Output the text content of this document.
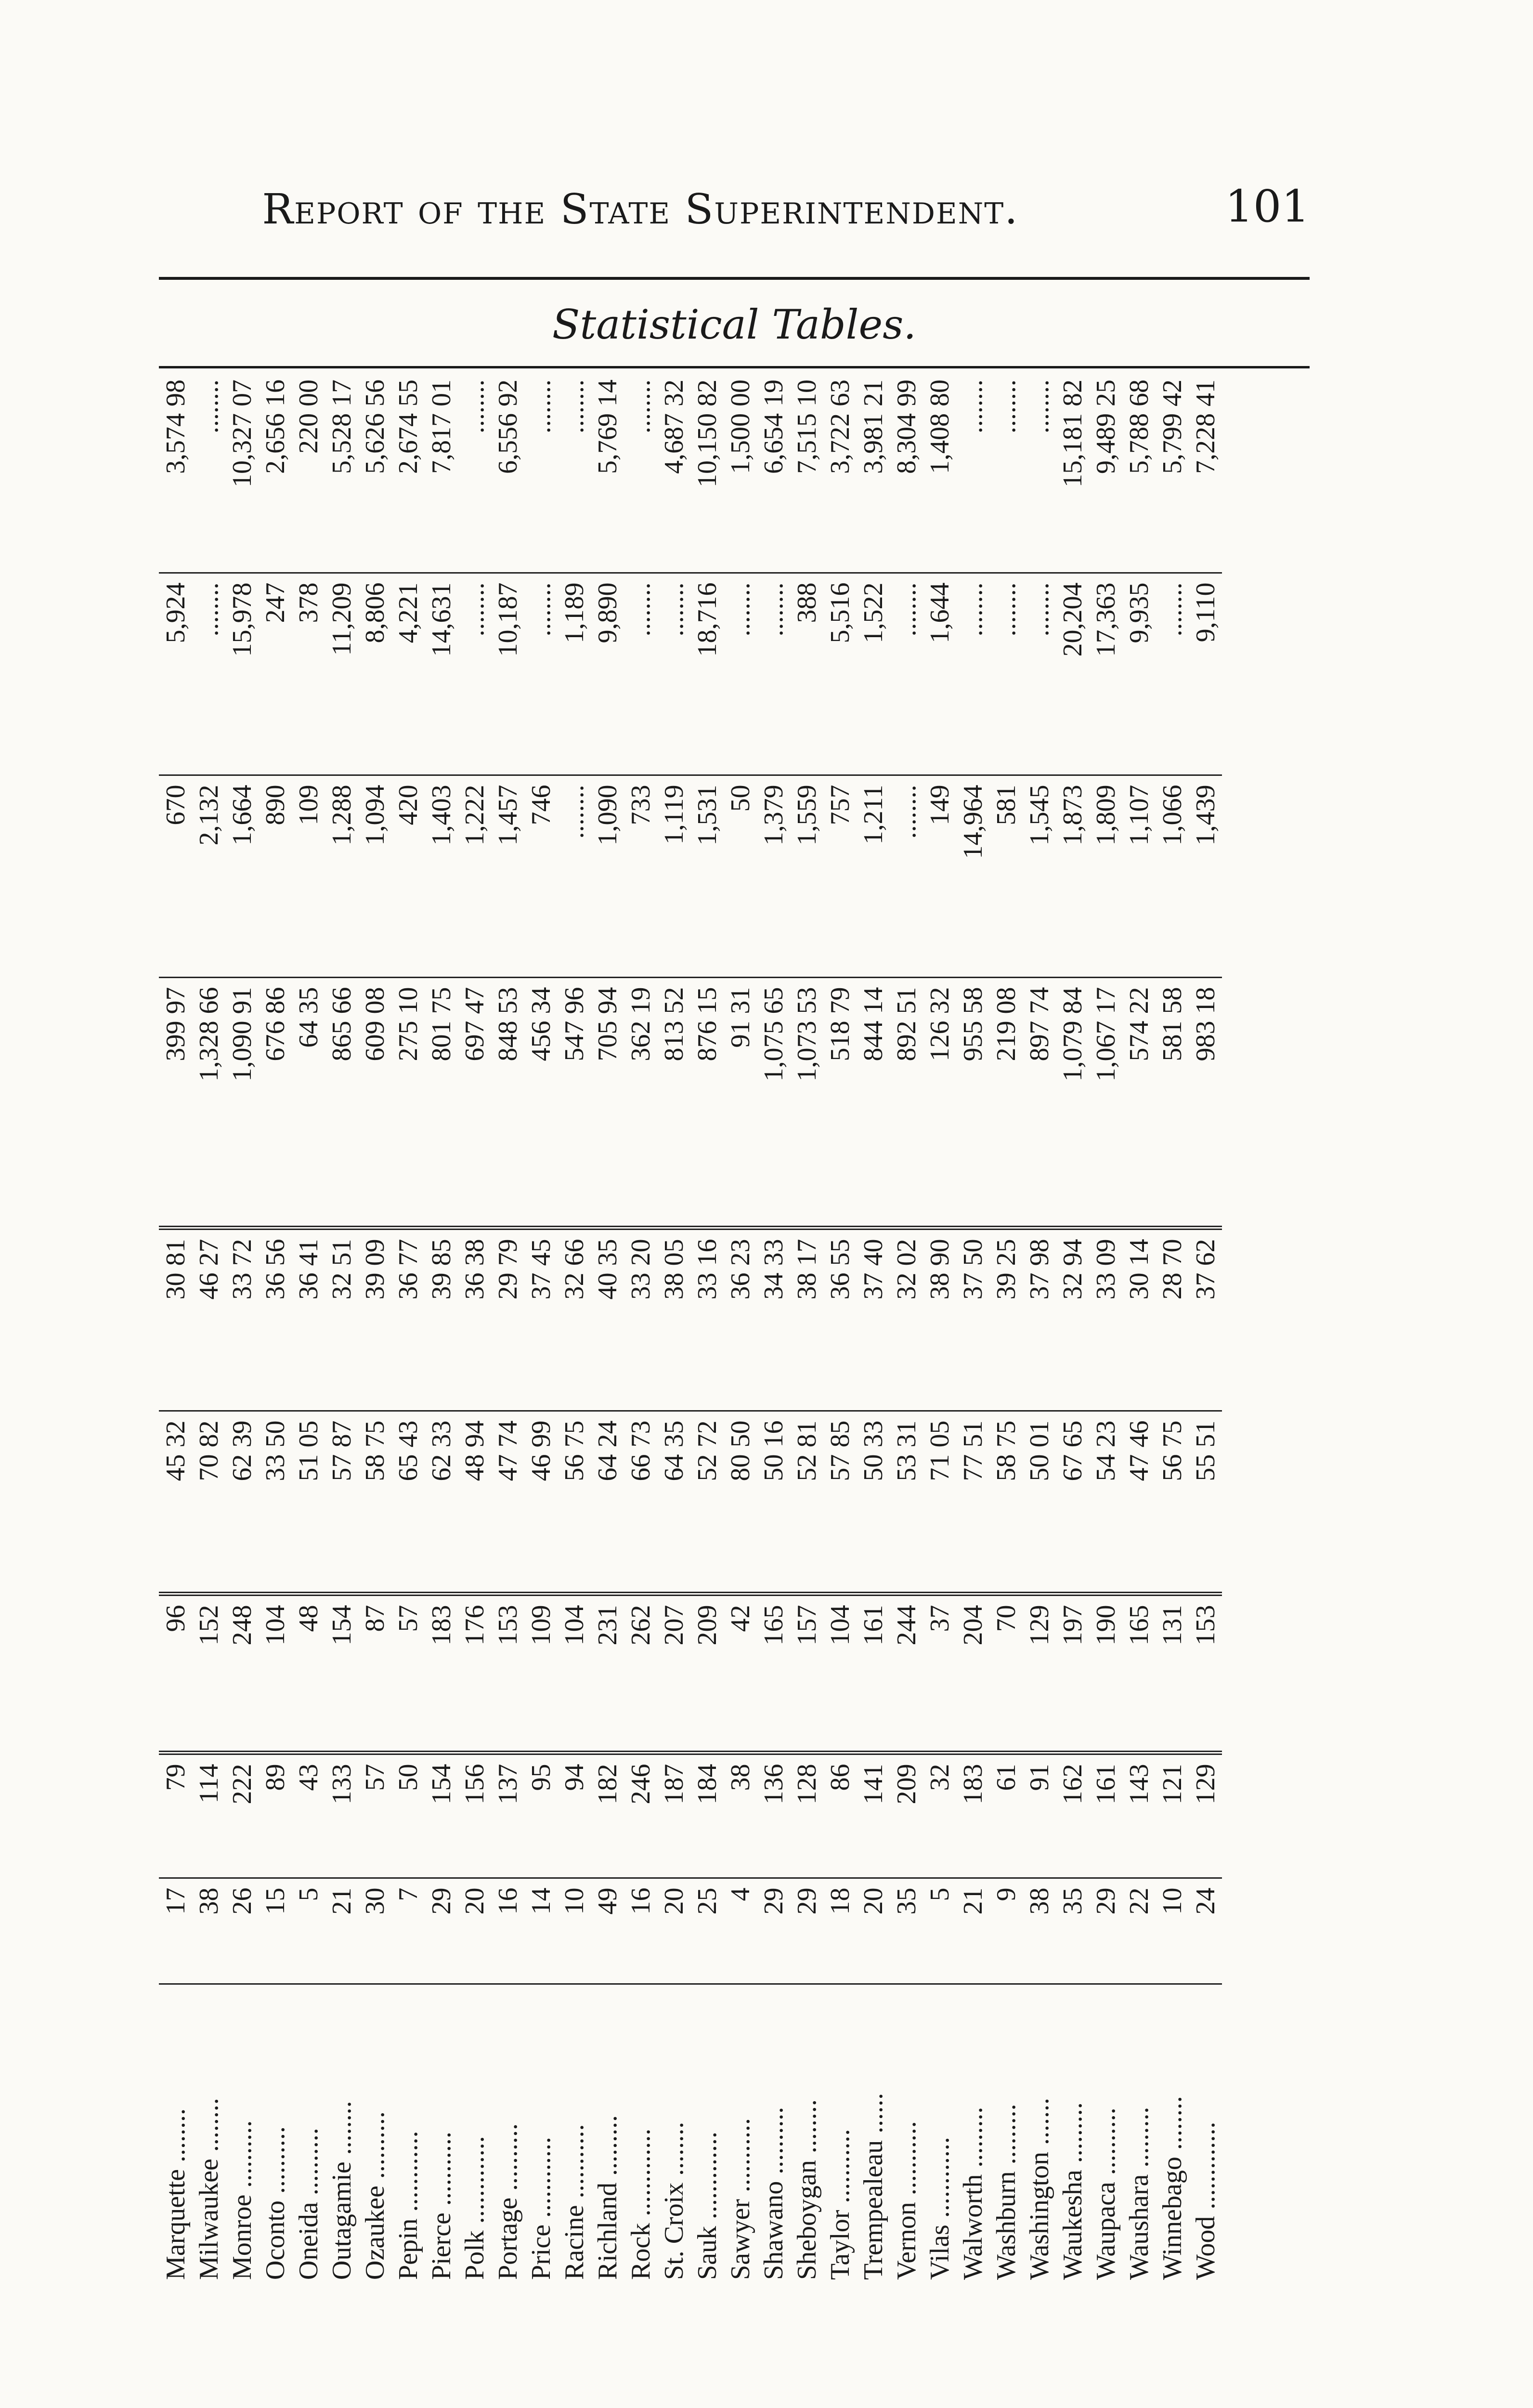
Report of the State Superintendent.	101
Statistical Tables.
Marquette ........	17	79	96	45 32	30 81	399 97	670	5,924	3,574 98
Milwaukee ........	38	114	152	70 82	46 27	1,328 66	2,132	........	........
Monroe ..........	26	222	248	62 39	33 72	1,090 91	1,664	15,978	10,327 07
Oconto ..........	15	89	104	33 50	36 56	676 86	890	247	2,656 16
Oneida ..........	5	43	48	51 05	36 41	64 35	109	378	220 00
Outagamie ........	21	133	154	57 87	32 51	865 66	1,288	11,209	5,528 17
Ozaukee ..........	30	57	87	58 75	39 09	609 08	1,094	8,806	5,626 56
Pepin ............	7	50	57	65 43	36 77	275 10	420	4,221	2,674 55
Pierce ...........	29	154	183	62 33	39 85	801 75	1,403	14,631	7,817 01
Polk .............	20	156	176	48 94	36 38	697 47	1,222	........	........
Portage ..........	16	137	153	47 74	29 79	848 53	1,457	10,187	6,556 92
Price ............	14	95	109	46 99	37 45	456 34	746	........	........
Racine ...........	10	94	104	56 75	32 66	547 96	........	1,189	........
Richland .........	49	182	231	64 24	40 35	705 94	1,090	9,890	5,769 14
Rock .............	16	246	262	66 73	33 20	362 19	733	........	........
St. Croix ........	20	187	207	64 35	38 05	813 52	1,119	........	4,687 32
Sauk .............	25	184	209	52 72	33 16	876 15	1,531	18,716	10,150 82
Sawyer ...........	4	38	42	80 50	36 23	91 31	50	........	1,500 00
Shawano ..........	29	136	165	50 16	34 33	1,075 65	1,379	........	6,654 19
Sheboygan ........	29	128	157	52 81	38 17	1,073 53	1,559	388	7,515 10
Taylor ...........	18	86	104	57 85	36 55	518 79	757	5,516	3,722 63
Trempealeau ......	20	141	161	50 33	37 40	844 14	1,211	1,522	3,981 21
Vernon ...........	35	209	244	53 31	32 02	892 51	........	........	8,304 99
Vilas ............	5	32	37	71 05	38 90	126 32	149	1,644	1,408 80
Walworth .........	21	183	204	77 51	37 50	955 58	14,964	........	........
Washburn .........	9	61	70	58 75	39 25	219 08	581	........	........
Washington .......	38	91	129	50 01	37 98	897 74	1,545	........	........
Waukesha .........	35	162	197	67 65	32 94	1,079 84	1,873	20,204	15,181 82
Waupaca ..........	29	161	190	54 23	33 09	1,067 17	1,809	17,363	9,489 25
Waushara .........	22	143	165	47 46	30 14	574 22	1,107	9,935	5,788 68
Winnebago ........	10	121	131	56 75	28 70	581 58	1,066	........	5,799 42
Wood .............	24	129	153	55 51	37 62	983 18	1,439	9,110	7,228 41
